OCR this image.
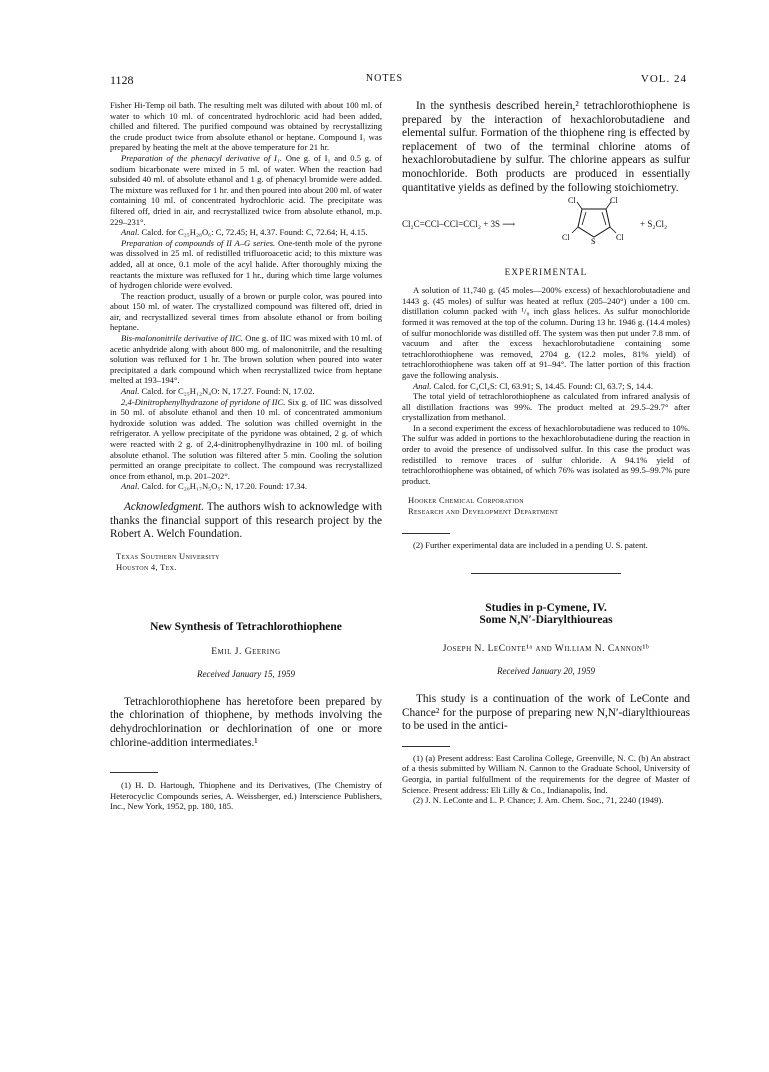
1128	NOTES	VOL. 24

Fisher Hi-Temp oil bath. The resulting melt was diluted with about 100 ml. of water to which 10 ml. of concentrated hydrochloric acid had been added, chilled and filtered. The purified compound was obtained by recrystallizing the crude product twice from absolute ethanol or heptane. Compound I₁ was prepared by heating the melt at the above temperature for 21 hr.

Preparation of the phenacyl derivative of I₁. One g. of I₁ and 0.5 g. of sodium bicarbonate were mixed in 5 ml. of water. When the reaction had subsided 40 ml. of absolute ethanol and 1 g. of phenacyl bromide were added. The mixture was refluxed for 1 hr. and then poured into about 200 ml. of water containing 10 ml. of concentrated hydrochloric acid. The precipitate was filtered off, dried in air, and recrystallized twice from absolute ethanol, m.p. 229–231°.

Anal. Calcd. for C₂₅H₂₈O₆: C, 72.45; H, 4.37. Found: C, 72.64; H, 4.15.

Preparation of compounds of II A–G series. One-tenth mole of the pyrone was dissolved in 25 ml. of redistilled trifluoroacetic acid; to this mixture was added, all at once, 0.1 mole of the acyl halide. After thoroughly mixing the reactants the mixture was refluxed for 1 hr., during which time large volumes of hydrogen chloride were evolved.

The reaction product, usually of a brown or purple color, was poured into about 150 ml. of water. The crystallized compound was filtered off, dried in air, and recrystallized several times from absolute ethanol or from boiling heptane.

Bis-malononitrile derivative of IIC. One g. of IIC was mixed with 10 ml. of acetic anhydride along with about 800 mg. of malononitrile, and the resulting solution was refluxed for 1 hr. The brown solution when poured into water precipitated a dark compound which when recrystallized twice from heptane melted at 193–194°.

Anal. Calcd. for C₂₅H₁₂N₄O: N, 17.27. Found: N, 17.02.

2,4-Dinitrophenylhydrazone of pyridone of IIC. Six g. of IIC was dissolved in 50 ml. of absolute ethanol and then 10 ml. of concentrated ammonium hydroxide solution was added. The solution was chilled overnight in the refrigerator. A yellow precipitate of the pyridone was obtained, 2 g. of which were reacted with 2 g. of 2,4-dinitrophenylhydrazine in 100 ml. of boiling absolute ethanol. The solution was filtered after 5 min. Cooling the solution permitted an orange precipitate to collect. The compound was recrystallized once from ethanol, m.p. 201–202°.

Anal. Calcd. for C₂₀H₁₇N₅O₅: N, 17.20. Found: 17.34.

Acknowledgment. The authors wish to acknowledge with thanks the financial support of this research project by the Robert A. Welch Foundation.

Texas Southern University

Houston 4, Tex.

New Synthesis of Tetrachlorothiophene

Emil J. Geering

Received January 15, 1959

Tetrachlorothiophene has heretofore been prepared by the chlorination of thiophene, by methods involving the dehydrochlorination or dechlorination of one or more chlorine-addition intermediates.¹

(1) H. D. Hartough, Thiophene and its Derivatives, (The Chemistry of Heterocyclic Compounds series, A. Weissberger, ed.) Interscience Publishers, Inc., New York, 1952, pp. 180, 185.

In the synthesis described herein,² tetrachlorothiophene is prepared by the interaction of hexachlorobutadiene and elemental sulfur. Formation of the thiophene ring is effected by replacement of two of the terminal chlorine atoms of hexachlorobutadiene by sulfur. The chlorine appears as sulfur monochloride. Both products are produced in essentially quantitative yields as defined by the following stoichiometry.

Cl₂C=CCl–CCl=CCl₂ + 3S ⟶
Cl	Cl
Cl	Cl
S
+ S₂Cl₂

EXPERIMENTAL

A solution of 11,740 g. (45 moles—200% excess) of hexachlorobutadiene and 1443 g. (45 moles) of sulfur was heated at reflux (205–240°) under a 100 cm. distillation column packed with ¹/₈ inch glass helices. As sulfur monochloride formed it was removed at the top of the column. During 13 hr. 1946 g. (14.4 moles) of sulfur monochloride was distilled off. The system was then put under 7.8 mm. of vacuum and after the excess hexachlorobutadiene containing some tetrachlorothiophene was removed, 2704 g. (12.2 moles, 81% yield) of tetrachlorothiophene was taken off at 91–94°. The latter portion of this fraction gave the following analysis.

Anal. Calcd. for C₄Cl₄S: Cl, 63.91; S, 14.45. Found: Cl, 63.7; S, 14.4.

The total yield of tetrachlorothiophene as calculated from infrared analysis of all distillation fractions was 99%. The product melted at 29.5–29.7° after crystallization from methanol.

In a second experiment the excess of hexachlorobutadiene was reduced to 10%. The sulfur was added in portions to the hexachlorobutadiene during the reaction in order to avoid the presence of undissolved sulfur. In this case the product was redistilled to remove traces of sulfur chloride. A 94.1% yield of tetrachlorothiophene was obtained, of which 76% was isolated as 99.5–99.7% pure product.

Hooker Chemical Corporation

Research and Development Department

(2) Further experimental data are included in a pending U. S. patent.

Studies in p-Cymene, IV.

Some N,N′-Diarylthioureas

Joseph N. LeConte¹ᵃ and William N. Cannon¹ᵇ

Received January 20, 1959

This study is a continuation of the work of LeConte and Chance² for the purpose of preparing new N,N′-diarylthioureas to be used in the antici-

(1) (a) Present address: East Carolina College, Greenville, N. C. (b) An abstract of a thesis submitted by William N. Cannon to the Graduate School, University of Georgia, in partial fulfullment of the requirements for the degree of Master of Science. Present address: Eli Lilly & Co., Indianapolis, Ind.

(2) J. N. LeConte and L. P. Chance; J. Am. Chem. Soc., 71, 2240 (1949).
